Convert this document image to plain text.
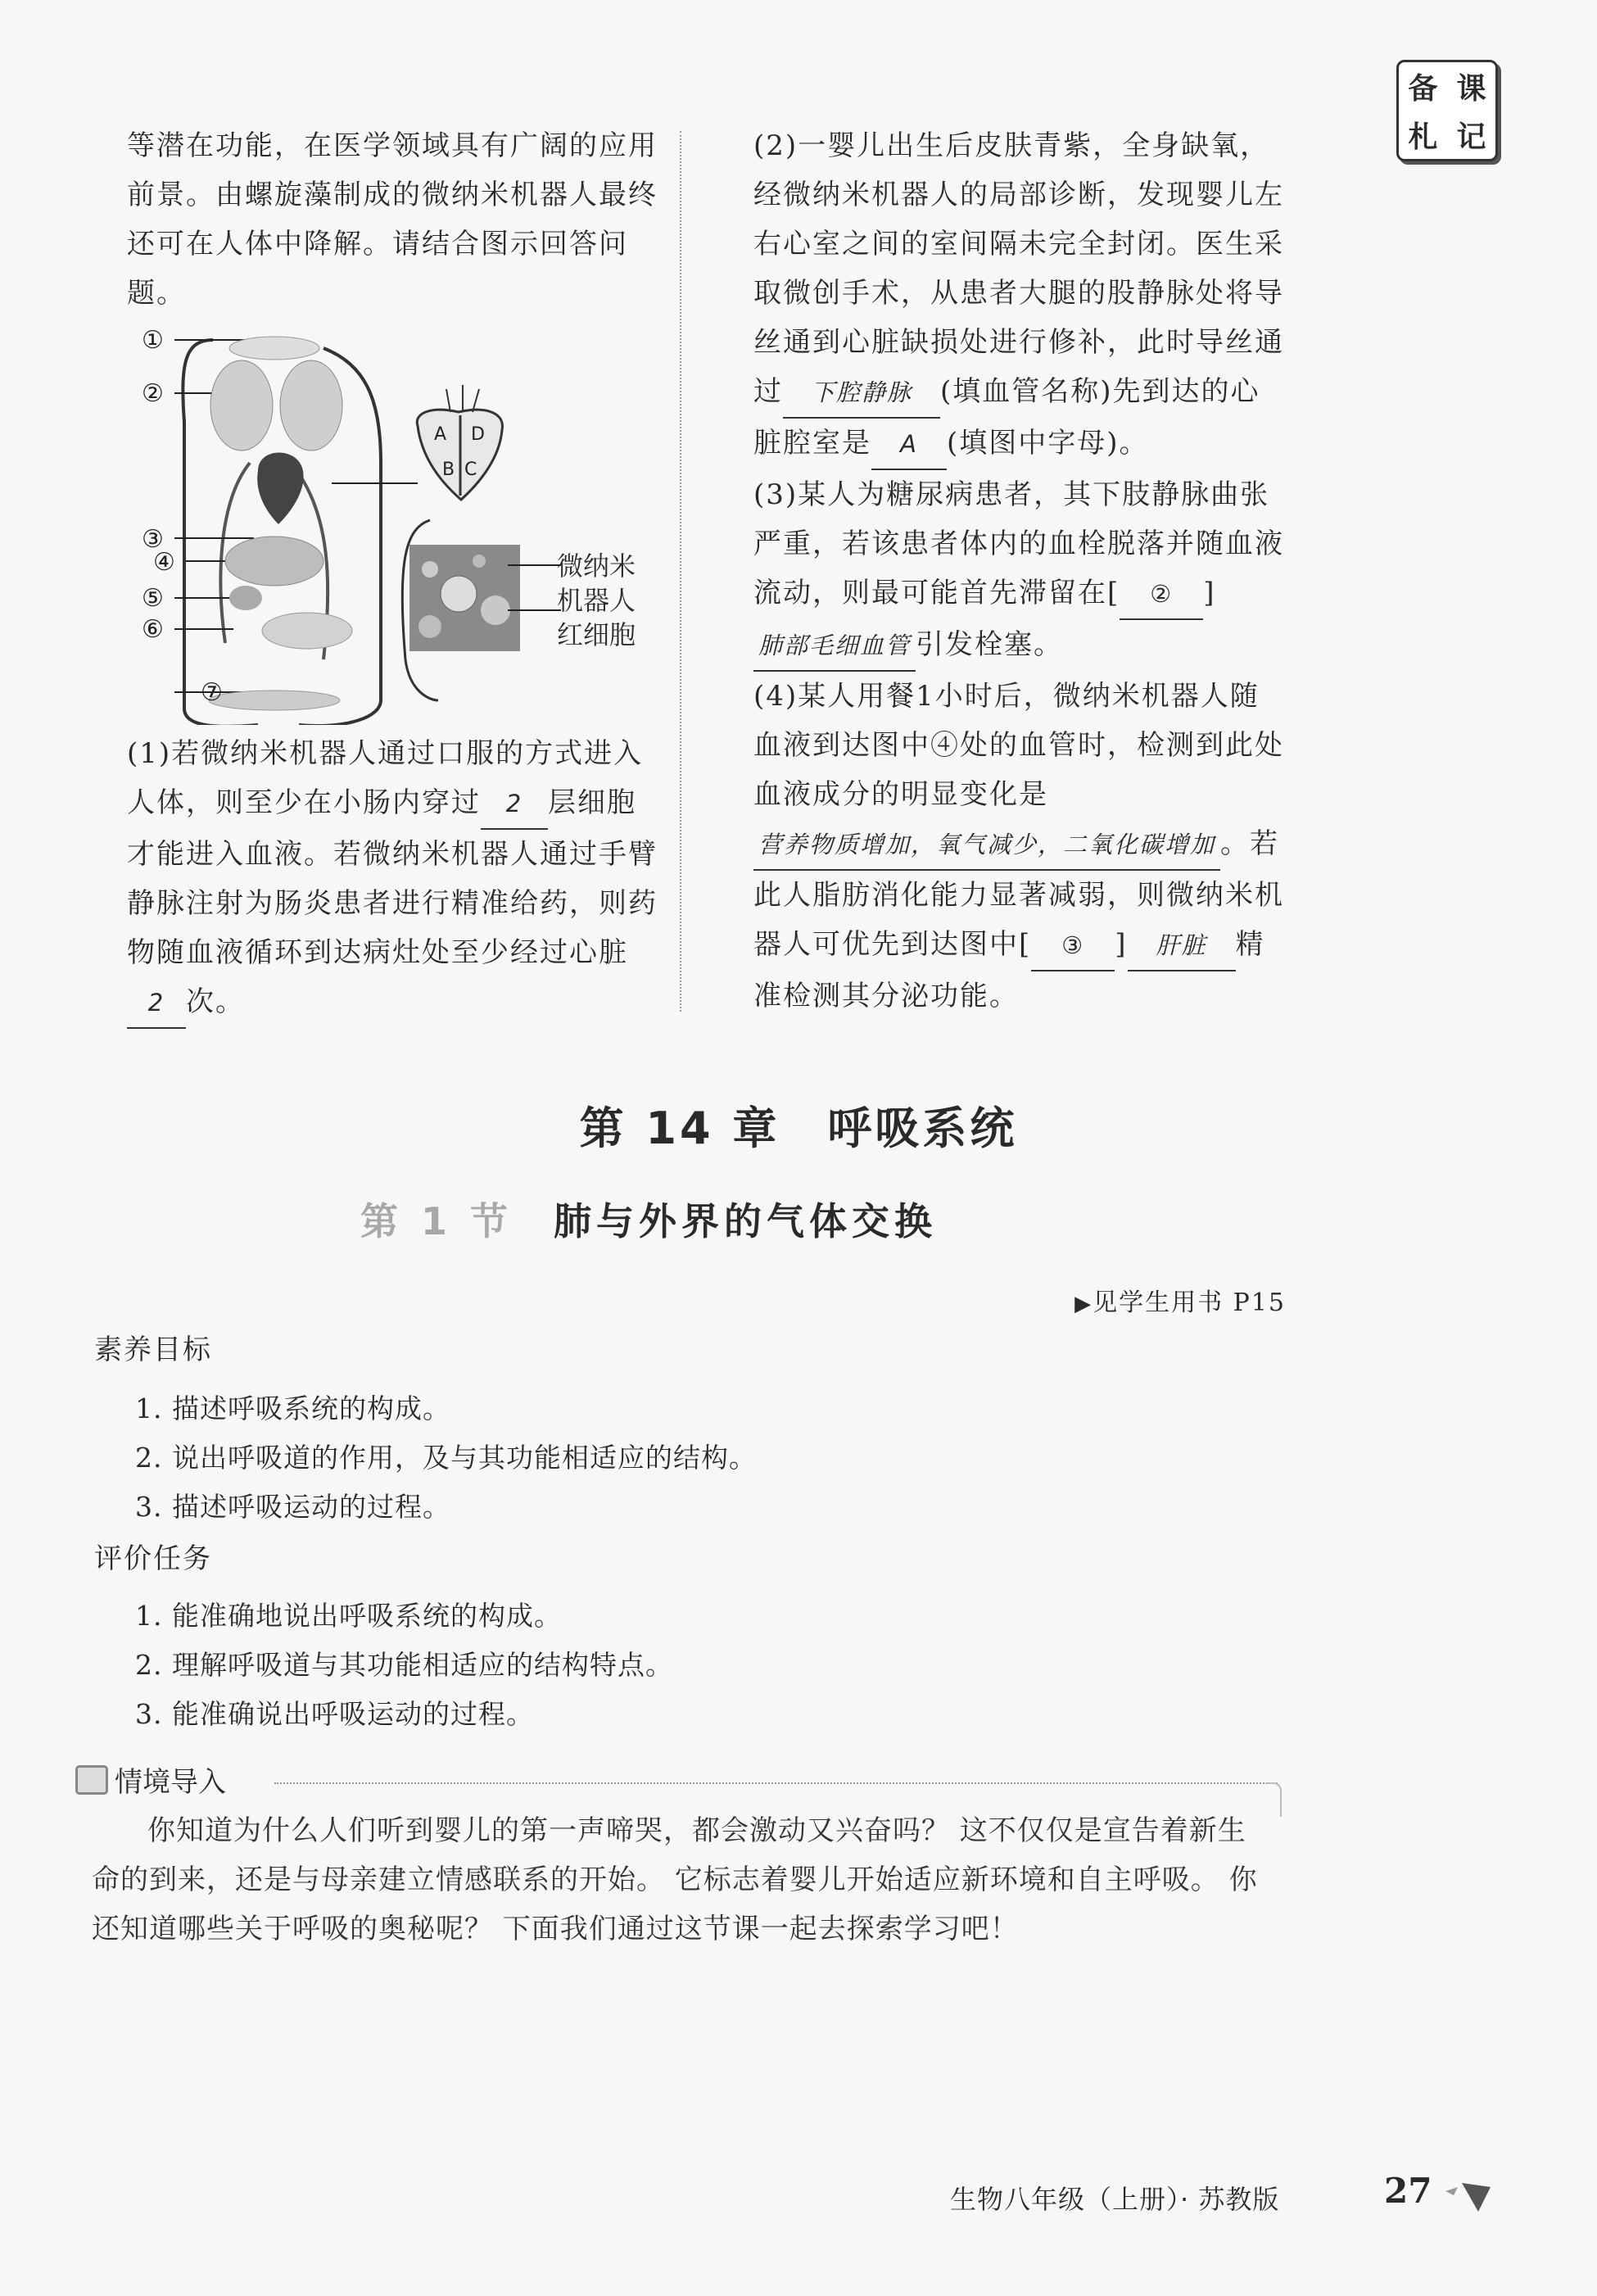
备 课
札 记

等潜在功能，在医学领域具有广阔的应用前景。由螺旋藻制成的微纳米机器人最终还可在人体中降解。请结合图示回答问题。

(1)若微纳米机器人通过口服的方式进入人体，则至少在小肠内穿过 2 层细胞才能进入血液。若微纳米机器人通过手臂静脉注射为肠炎患者进行精准给药，则药物随血液循环到达病灶处至少经过心脏2 次。

①
②
③
④
⑤
⑥
⑦
A D
B C
微纳米
机器人
红细胞

(2)一婴儿出生后皮肤青紫，全身缺氧，经微纳米机器人的局部诊断，发现婴儿左右心室之间的室间隔未完全封闭。医生采取微创手术，从患者大腿的股静脉处将导丝通到心脏缺损处进行修补，此时导丝通过 下腔静脉 (填血管名称)先到达的心脏腔室是 A (填图中字母)。

(3)某人为糖尿病患者，其下肢静脉曲张严重，若该患者体内的血栓脱落并随血液流动，则最可能首先滞留在[ ② ]肺部毛细血管 引发栓塞。

(4)某人用餐1小时后，微纳米机器人随血液到达图中④处的血管时，检测到此处血液成分的明显变化是营养物质增加，氧气减少，二氧化碳增加 。若此人脂肪消化能力显著减弱，则微纳米机器人可优先到达图中[ ③ ] 肝脏 精准检测其分泌功能。

第 14 章　呼吸系统
第 1 节 肺与外界的气体交换
▶见学生用书 P15
素养目标
1. 描述呼吸系统的构成。
2. 说出呼吸道的作用，及与其功能相适应的结构。
3. 描述呼吸运动的过程。
评价任务
1. 能准确地说出呼吸系统的构成。
2. 理解呼吸道与其功能相适应的结构特点。
3. 能准确说出呼吸运动的过程。
情境导入
你知道为什么人们听到婴儿的第一声啼哭，都会激动又兴奋吗？ 这不仅仅是宣告着新生命的到来，还是与母亲建立情感联系的开始。 它标志着婴儿开始适应新环境和自主呼吸。 你还知道哪些关于呼吸的奥秘呢？ 下面我们通过这节课一起去探索学习吧！
生物八年级（上册）· 苏教版	27
